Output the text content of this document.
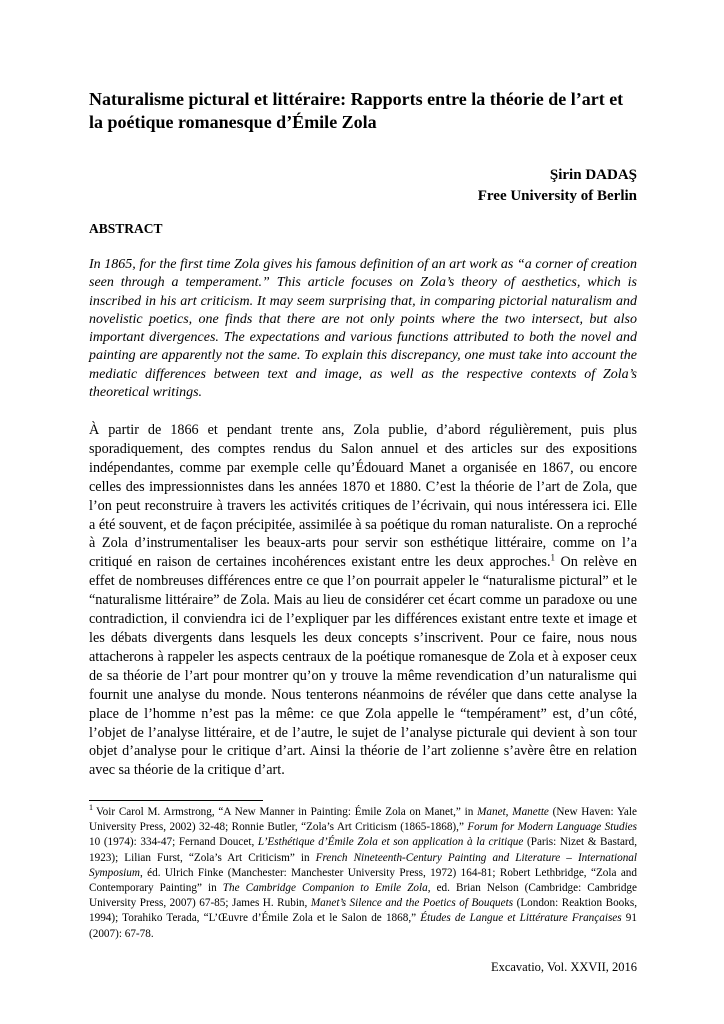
Naturalisme pictural et littéraire: Rapports entre la théorie de l’art et la poétique romanesque d’Émile Zola
Şirin DADAŞ
Free University of Berlin
ABSTRACT

In 1865, for the first time Zola gives his famous definition of an art work as “a corner of creation seen through a temperament.” This article focuses on Zola’s theory of aesthetics, which is inscribed in his art criticism. It may seem surprising that, in comparing pictorial naturalism and novelistic poetics, one finds that there are not only points where the two intersect, but also important divergences. The expectations and various functions attributed to both the novel and painting are apparently not the same. To explain this discrepancy, one must take into account the mediatic differences between text and image, as well as the respective contexts of Zola’s theoretical writings.

À partir de 1866 et pendant trente ans, Zola publie, d’abord régulièrement, puis plus sporadiquement, des comptes rendus du Salon annuel et des articles sur des expositions indépendantes, comme par exemple celle qu’Édouard Manet a organisée en 1867, ou encore celles des impressionnistes dans les années 1870 et 1880. C’est la théorie de l’art de Zola, que l’on peut reconstruire à travers les activités critiques de l’écrivain, qui nous intéressera ici. Elle a été souvent, et de façon précipitée, assimilée à sa poétique du roman naturaliste. On a reproché à Zola d’instrumentaliser les beaux-arts pour servir son esthétique littéraire, comme on l’a critiqué en raison de certaines incohérences existant entre les deux approches.$^1$ On relève en effet de nombreuses différences entre ce que l’on pourrait appeler le “naturalisme pictural” et le “naturalisme littéraire” de Zola. Mais au lieu de considérer cet écart comme un paradoxe ou une contradiction, il conviendra ici de l’expliquer par les différences existant entre texte et image et les débats divergents dans lesquels les deux concepts s’inscrivent. Pour ce faire, nous nous attacherons à rappeler les aspects centraux de la poétique romanesque de Zola et à exposer ceux de sa théorie de l’art pour montrer qu’on y trouve la même revendication d’un naturalisme qui fournit une analyse du monde. Nous tenterons néanmoins de révéler que dans cette analyse la place de l’homme n’est pas la même: ce que Zola appelle le “tempérament” est, d’un côté, l’objet de l’analyse littéraire, et de l’autre, le sujet de l’analyse picturale qui devient à son tour objet d’analyse pour le critique d’art. Ainsi la théorie de l’art zolienne s’avère être en relation avec sa théorie de la critique d’art.

$^1$ Voir Carol M. Armstrong, “A New Manner in Painting: Émile Zola on Manet,” in Manet, Manette (New Haven: Yale University Press, 2002) 32-48; Ronnie Butler, “Zola’s Art Criticism (1865-1868),” Forum for Modern Language Studies 10 (1974): 334-47; Fernand Doucet, L’Esthétique d’Émile Zola et son application à la critique (Paris: Nizet & Bastard, 1923); Lilian Furst, “Zola’s Art Criticism” in French Nineteenth-Century Painting and Literature – International Symposium, éd. Ulrich Finke (Manchester: Manchester University Press, 1972) 164-81; Robert Lethbridge, “Zola and Contemporary Painting” in The Cambridge Companion to Emile Zola, ed. Brian Nelson (Cambridge: Cambridge University Press, 2007) 67-85; James H. Rubin, Manet’s Silence and the Poetics of Bouquets (London: Reaktion Books, 1994); Torahiko Terada, “L’Œuvre d’Émile Zola et le Salon de 1868,” Études de Langue et Littérature Françaises 91 (2007): 67-78.

Excavatio, Vol. XXVII, 2016
